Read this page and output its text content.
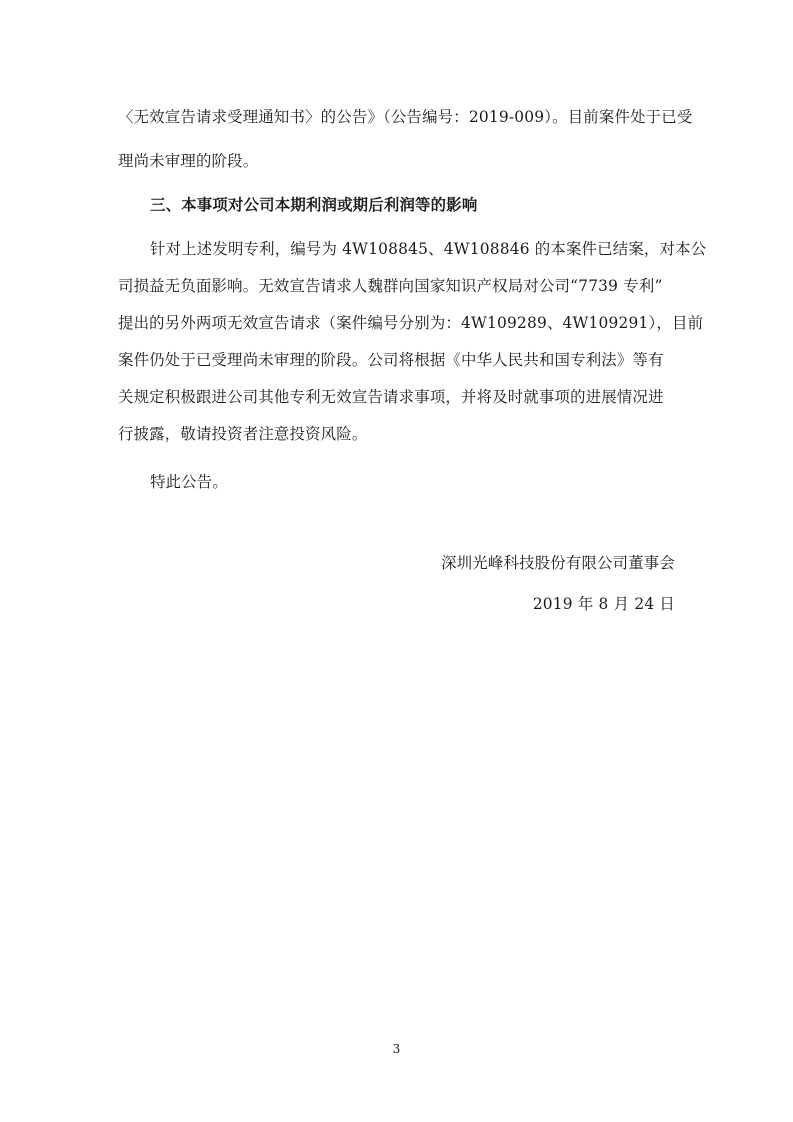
〈无效宣告请求受理通知书〉的公告》（公告编号：2019-009）。目前案件处于已受
理尚未审理的阶段。
三、本事项对公司本期利润或期后利润等的影响
针对上述发明专利，编号为 4W108845、4W108846 的本案件已结案，对本公
司损益无负面影响。无效宣告请求人魏群向国家知识产权局对公司“7739 专利”
提出的另外两项无效宣告请求（案件编号分别为：4W109289、4W109291），目前
案件仍处于已受理尚未审理的阶段。公司将根据《中华人民共和国专利法》等有
关规定积极跟进公司其他专利无效宣告请求事项，并将及时就事项的进展情况进
行披露，敬请投资者注意投资风险。
特此公告。
深圳光峰科技股份有限公司董事会
2019 年 8 月 24 日
3
